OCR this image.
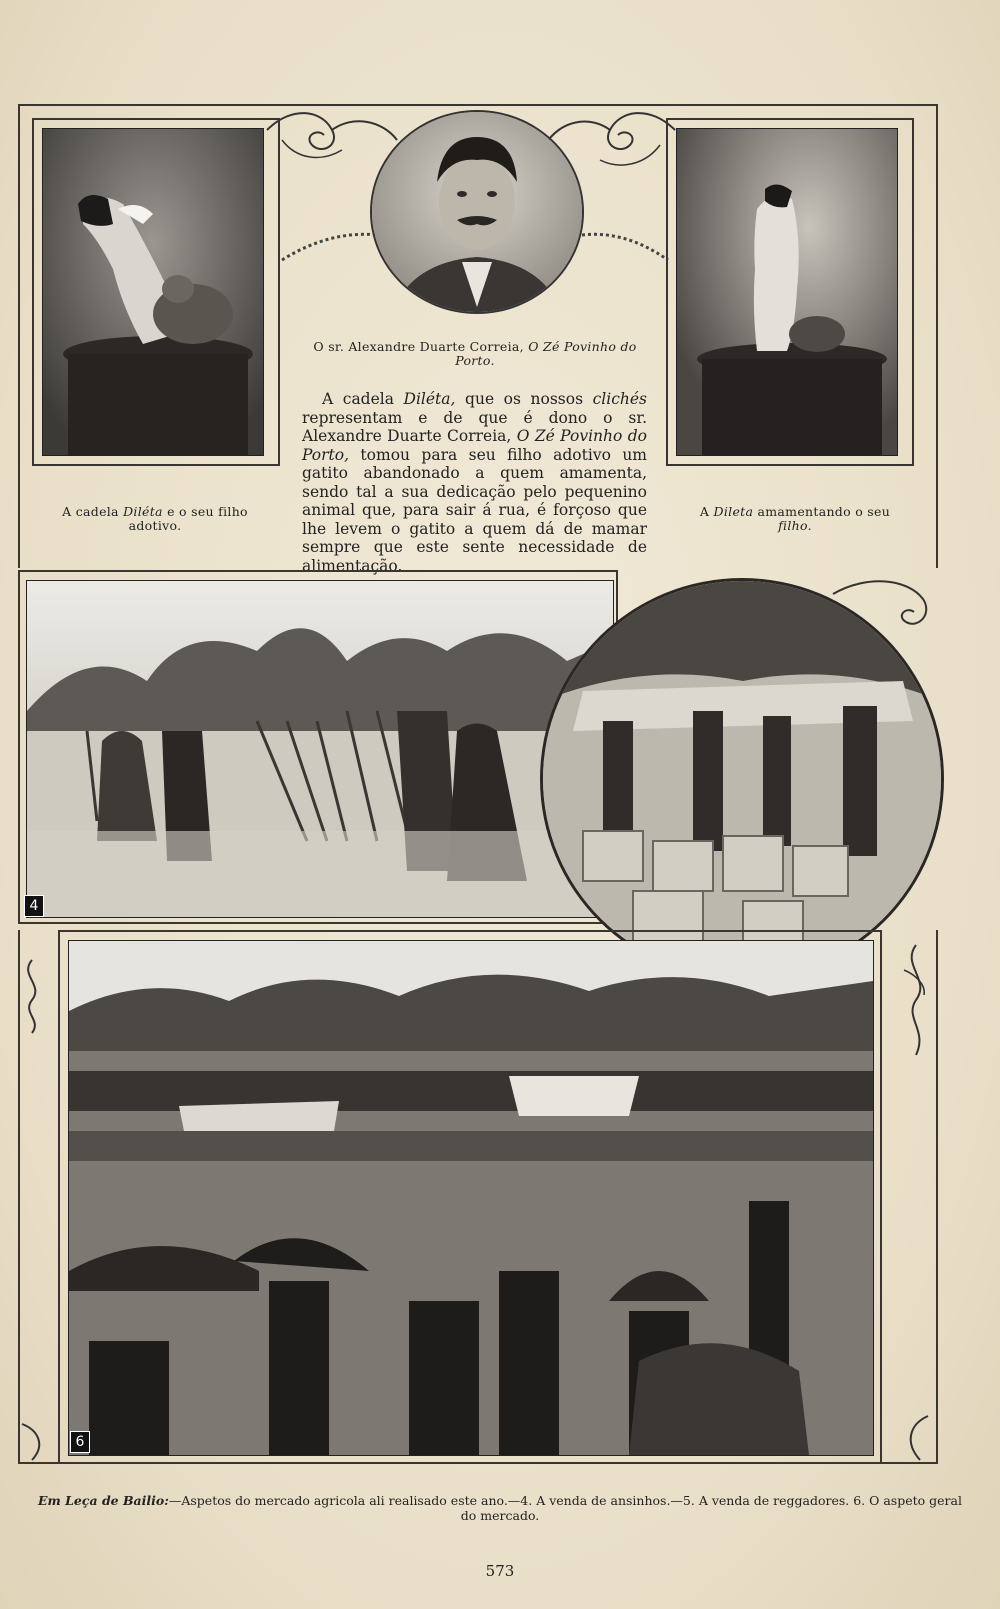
A cadela Diléta e o seu filho adotivo.
O sr. Alexandre Duarte Correia, O Zé Povinho do Porto.
A Dileta amamentando o seu filho.
A cadela Diléta, que os nossos clichés representam e de que é dono o sr. Alexandre Duarte Correia, O Zé Povinho do Porto, tomou para seu filho adotivo um gatito abandonado a quem amamenta, sendo tal a sua dedicação pelo pequenino animal que, para sair á rua, é forçoso que lhe levem o gatito a quem dá de mamar sempre que este sente necessidade de alimentação.
4
6
Em Leça de Bailio:—Aspetos do mercado agricola ali realisado este ano.—4. A venda de ansinhos.—5. A venda de reggadores. 6. O aspeto geral do mercado.
573
